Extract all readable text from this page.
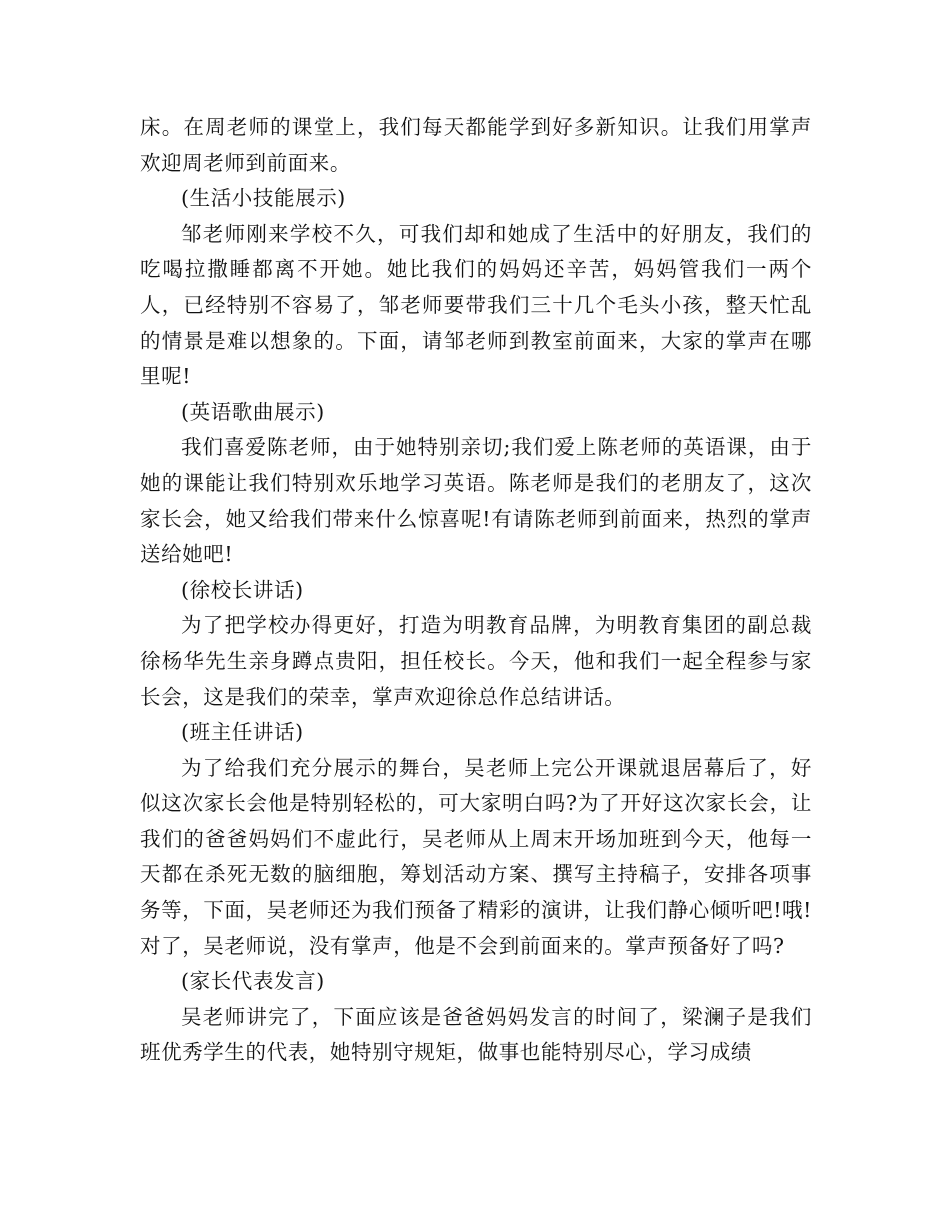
床。在周老师的课堂上，我们每天都能学到好多新知识。让我们用掌声欢迎周老师到前面来。

(生活小技能展示)

邹老师刚来学校不久，可我们却和她成了生活中的好朋友，我们的吃喝拉撒睡都离不开她。她比我们的妈妈还辛苦，妈妈管我们一两个人，已经特别不容易了，邹老师要带我们三十几个毛头小孩，整天忙乱的情景是难以想象的。下面，请邹老师到教室前面来，大家的掌声在哪里呢!

(英语歌曲展示)

我们喜爱陈老师，由于她特别亲切;我们爱上陈老师的英语课，由于她的课能让我们特别欢乐地学习英语。陈老师是我们的老朋友了，这次家长会，她又给我们带来什么惊喜呢!有请陈老师到前面来，热烈的掌声送给她吧!

(徐校长讲话)

为了把学校办得更好，打造为明教育品牌，为明教育集团的副总裁徐杨华先生亲身蹲点贵阳，担任校长。今天，他和我们一起全程参与家长会，这是我们的荣幸，掌声欢迎徐总作总结讲话。

(班主任讲话)

为了给我们充分展示的舞台，吴老师上完公开课就退居幕后了，好似这次家长会他是特别轻松的，可大家明白吗?为了开好这次家长会，让我们的爸爸妈妈们不虚此行，吴老师从上周末开场加班到今天，他每一天都在杀死无数的脑细胞，筹划活动方案、撰写主持稿子，安排各项事务等，下面，吴老师还为我们预备了精彩的演讲，让我们静心倾听吧!哦!对了，吴老师说，没有掌声，他是不会到前面来的。掌声预备好了吗?

(家长代表发言)

吴老师讲完了，下面应该是爸爸妈妈发言的时间了，梁澜子是我们班优秀学生的代表，她特别守规矩，做事也能特别尽心，学习成绩
